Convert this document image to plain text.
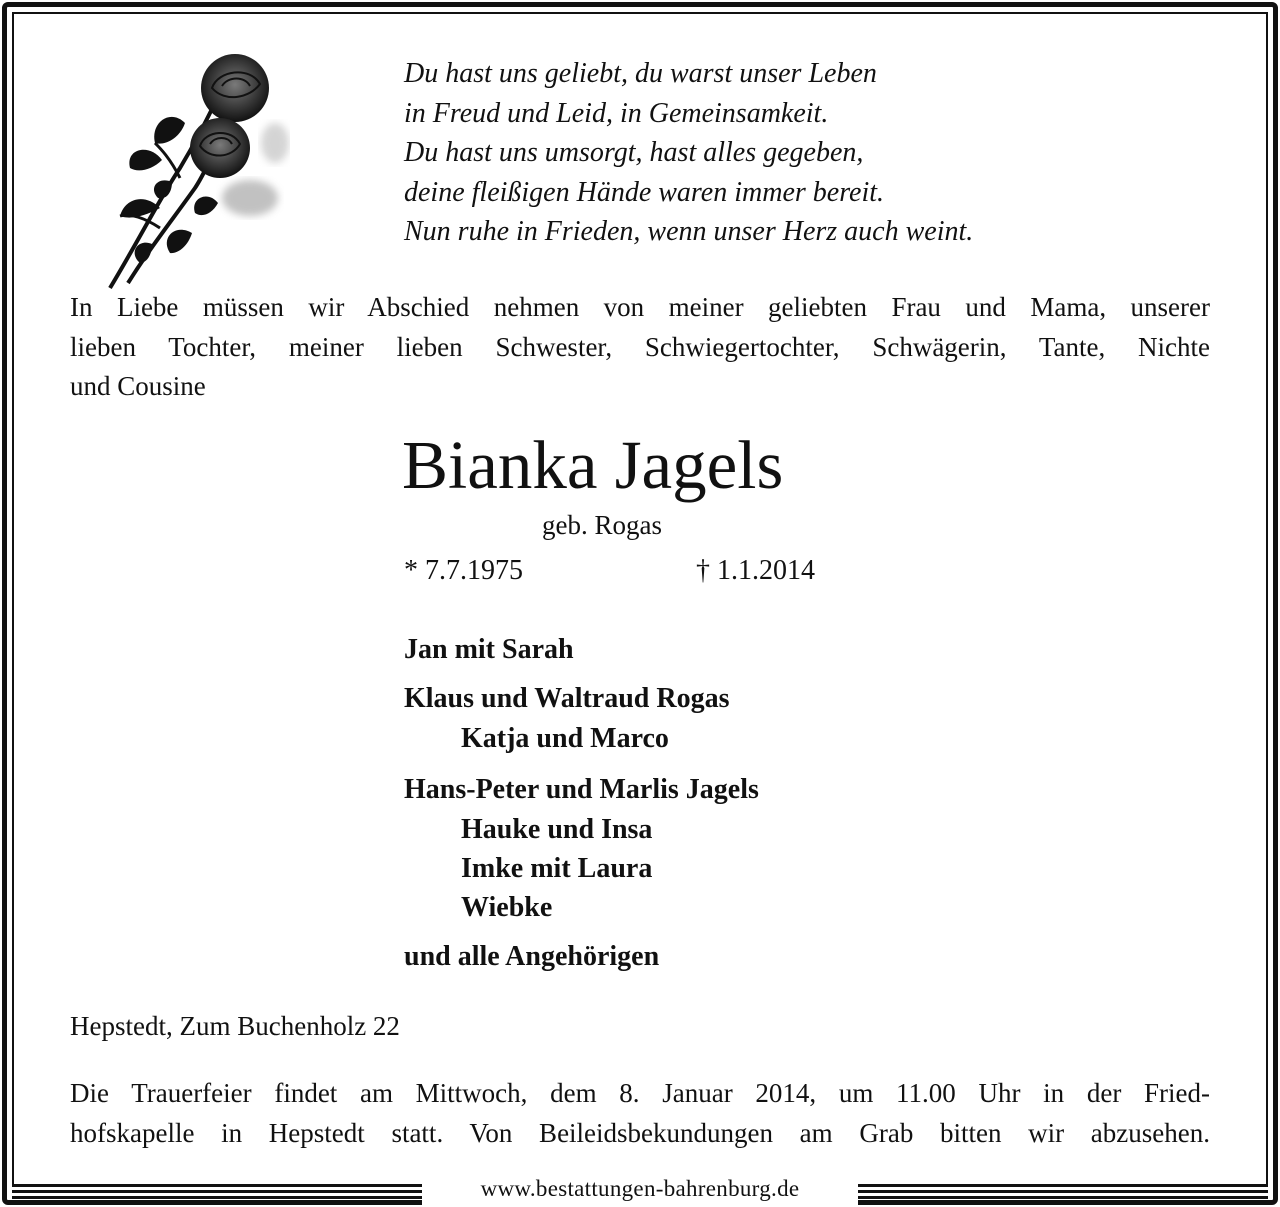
www.bestattungen-bahrenburg.de
Du hast uns geliebt, du warst unser Leben
in Freud und Leid, in Gemeinsamkeit.
Du hast uns umsorgt, hast alles gegeben,
deine fleißigen Hände waren immer bereit.
Nun ruhe in Frieden, wenn unser Herz auch weint.
In Liebe müssen wir Abschied nehmen von meiner geliebten Frau und Mama, unserer
lieben Tochter, meiner lieben Schwester, Schwiegertochter, Schwägerin, Tante, Nichte
und Cousine
Bianka Jagels
geb. Rogas
* 7.7.1975	† 1.1.2014
Jan mit Sarah
Klaus und Waltraud Rogas
Katja und Marco
Hans-Peter und Marlis Jagels
Hauke und Insa
Imke mit Laura
Wiebke
und alle Angehörigen
Hepstedt, Zum Buchenholz 22
Die Trauerfeier findet am Mittwoch, dem 8. Januar 2014, um 11.00 Uhr in der Fried-
hofskapelle in Hepstedt statt. Von Beileidsbekundungen am Grab bitten wir abzusehen.
